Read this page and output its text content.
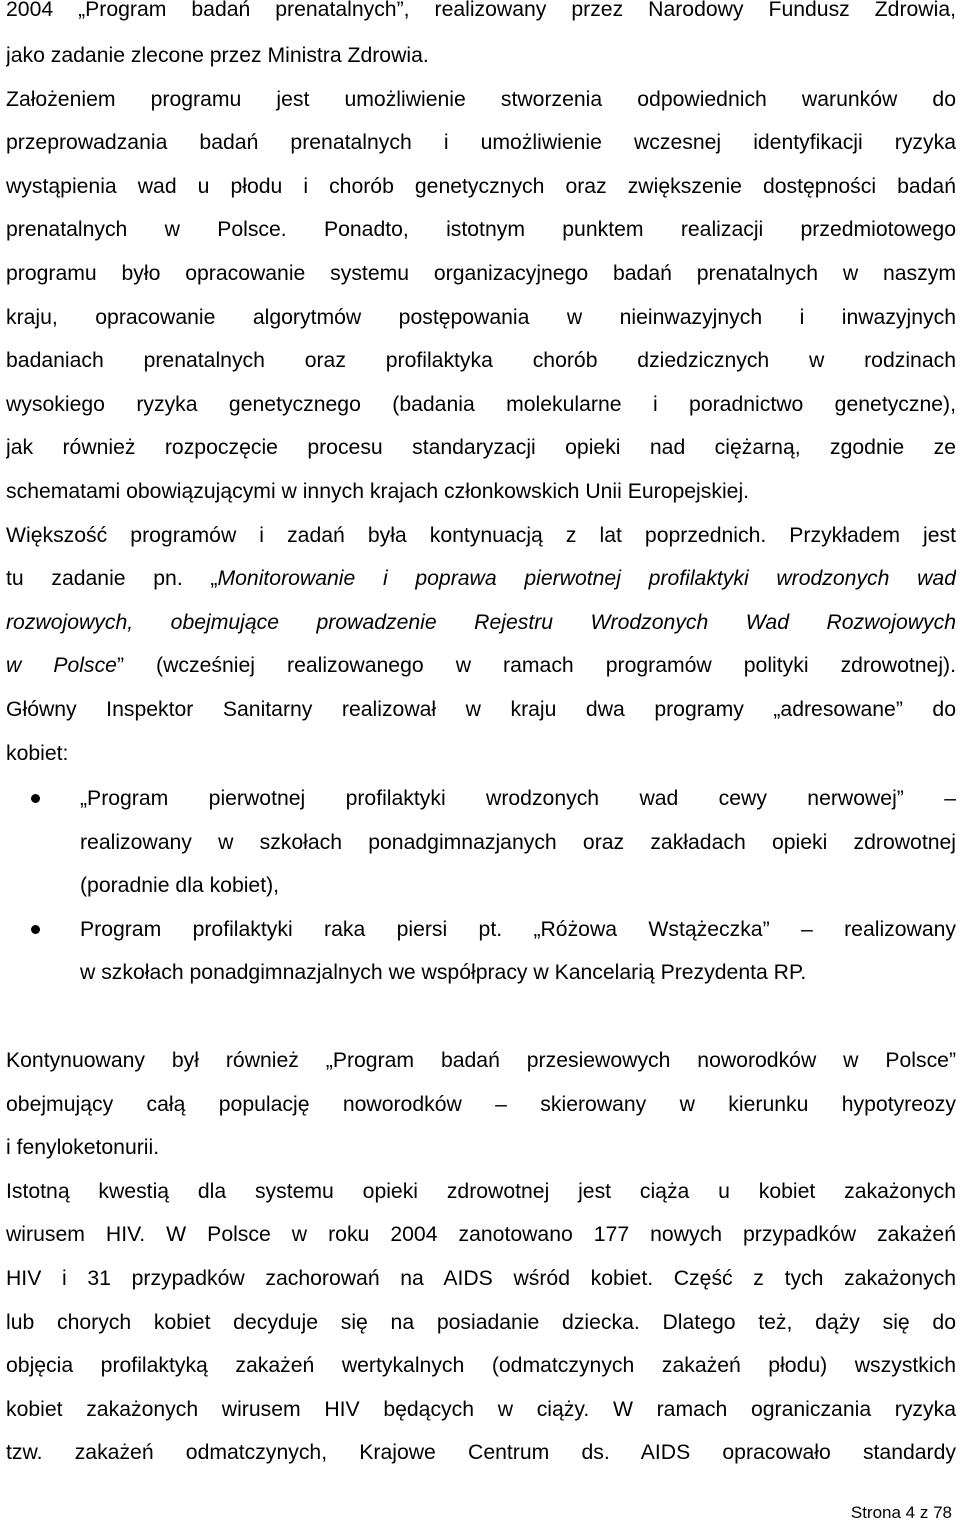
2004 „Program badań prenatalnych”, realizowany przez Narodowy Fundusz Zdrowia,
jako zadanie zlecone przez Ministra Zdrowia.
Założeniem programu jest umożliwienie stworzenia odpowiednich warunków do
przeprowadzania badań prenatalnych i umożliwienie wczesnej identyfikacji ryzyka
wystąpienia wad u płodu i chorób genetycznych oraz zwiększenie dostępności badań
prenatalnych w Polsce. Ponadto, istotnym punktem realizacji przedmiotowego
programu było opracowanie systemu organizacyjnego badań prenatalnych w naszym
kraju, opracowanie algorytmów postępowania w nieinwazyjnych i inwazyjnych
badaniach prenatalnych oraz profilaktyka chorób dziedzicznych w rodzinach
wysokiego ryzyka genetycznego (badania molekularne i poradnictwo genetyczne),
jak również rozpoczęcie procesu standaryzacji opieki nad ciężarną, zgodnie ze
schematami obowiązującymi w innych krajach członkowskich Unii Europejskiej.
Większość programów i zadań była kontynuacją z lat poprzednich. Przykładem jest
tu zadanie pn. „Monitorowanie i poprawa pierwotnej profilaktyki wrodzonych wad
rozwojowych, obejmujące prowadzenie Rejestru Wrodzonych Wad Rozwojowych
w Polsce” (wcześniej realizowanego w ramach programów polityki zdrowotnej).
Główny Inspektor Sanitarny realizował w kraju dwa programy „adresowane” do
kobiet:
„Program pierwotnej profilaktyki wrodzonych wad cewy nerwowej” –
realizowany w szkołach ponadgimnazjanych oraz zakładach opieki zdrowotnej
(poradnie dla kobiet),
Program profilaktyki raka piersi pt. „Różowa Wstążeczka” – realizowany
w szkołach ponadgimnazjalnych we współpracy w Kancelarią Prezydenta RP.
Kontynuowany był również „Program badań przesiewowych noworodków w Polsce”
obejmujący całą populację noworodków – skierowany w kierunku hypotyreozy
i fenyloketonurii.
Istotną kwestią dla systemu opieki zdrowotnej jest ciąża u kobiet zakażonych
wirusem HIV. W Polsce w roku 2004 zanotowano 177 nowych przypadków zakażeń
HIV i 31 przypadków zachorowań na AIDS wśród kobiet. Część z tych zakażonych
lub chorych kobiet decyduje się na posiadanie dziecka. Dlatego też, dąży się do
objęcia profilaktyką zakażeń wertykalnych (odmatczynych zakażeń płodu) wszystkich
kobiet zakażonych wirusem HIV będących w ciąży. W ramach ograniczania ryzyka
tzw. zakażeń odmatczynych, Krajowe Centrum ds. AIDS opracowało standardy
Strona 4 z 78
